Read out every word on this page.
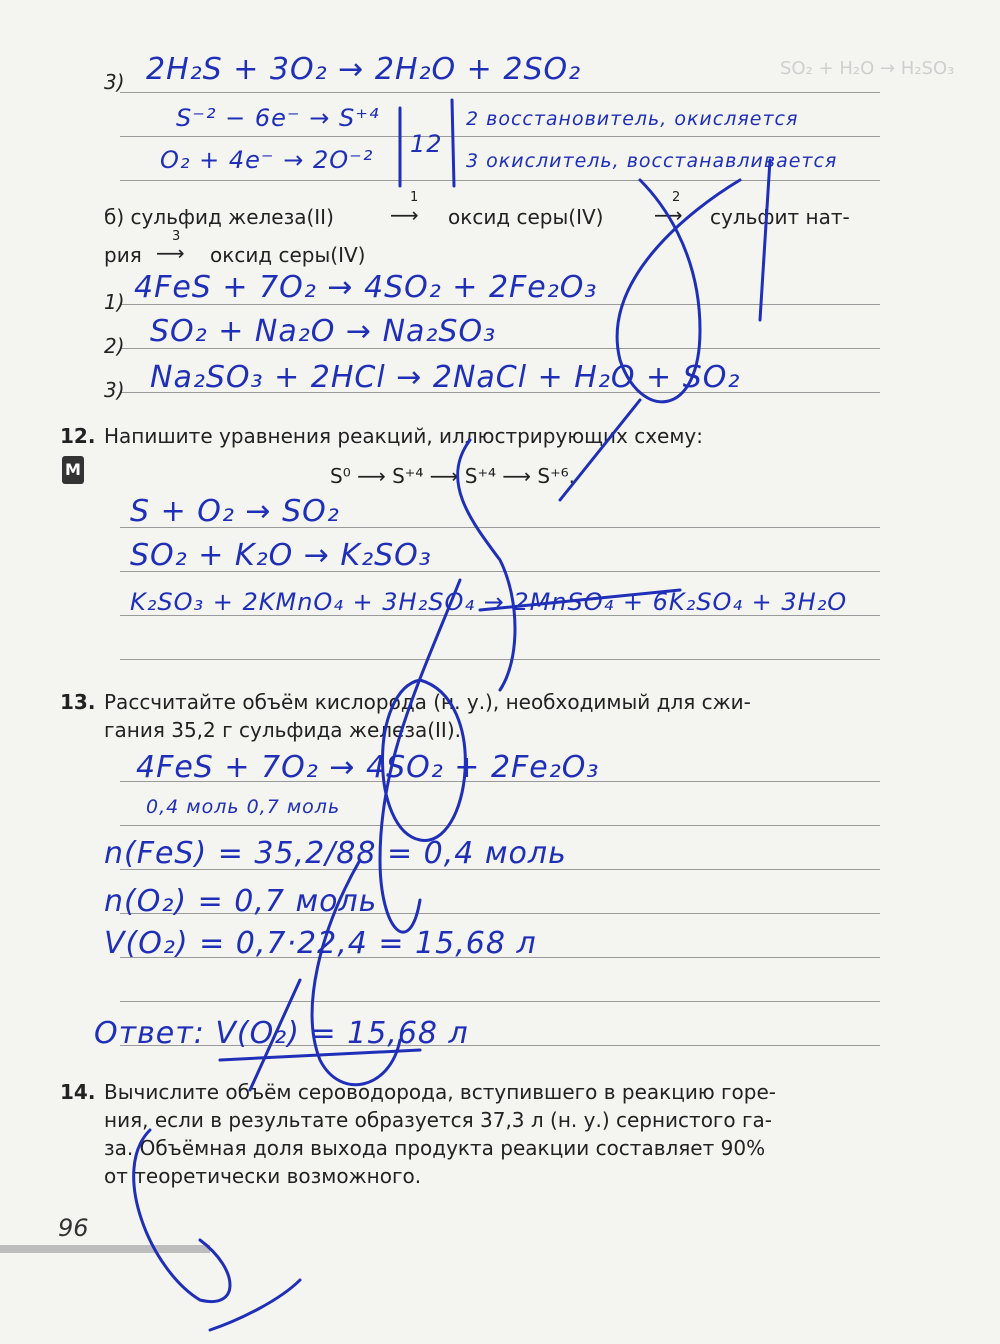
SO₂ + H₂O → H₂SO₃
3) 2H₂S + 3O₂ → 2H₂O + 2SO₂
S⁻² − 6e⁻ → S⁺⁴
O₂ + 4e⁻ → 2O⁻²
12
2 восстановитель, окисляется
3 окислитель, восстанавливается
б) сульфид железа(II)
1
⟶ оксид серы(IV)
2
⟶ сульфит нат-
рия
3
⟶ оксид серы(IV)
1) 4FeS + 7O₂ → 4SO₂ + 2Fe₂O₃
2) SO₂ + Na₂O → Na₂SO₃
3) Na₂SO₃ + 2HCl → 2NaCl + H₂O + SO₂
12. Напишите уравнения реакций, иллюстрирующих схему:
M	S⁰ ⟶ S⁺⁴ ⟶ S⁺⁴ ⟶ S⁺⁶.
S + O₂ → SO₂
SO₂ + K₂O → K₂SO₃
K₂SO₃ + 2KMnO₄ + 3H₂SO₄ → 2MnSO₄ + 6K₂SO₄ + 3H₂O
13. Рассчитайте объём кислорода (н. у.), необходимый для сжи-
гания 35,2 г сульфида железа(II).
4FeS + 7O₂ → 4SO₂ + 2Fe₂O₃
0,4 моль 0,7 моль
n(FeS) = 35,2/88 = 0,4 моль
n(O₂) = 0,7 моль
V(O₂) = 0,7·22,4 = 15,68 л
Ответ: V(O₂) = 15,68 л
14. Вычислите объём сероводорода, вступившего в реакцию горе-
ния, если в результате образуется 37,3 л (н. у.) сернистого га-
за. Объёмная доля выхода продукта реакции составляет 90%
от теоретически возможного.
96
